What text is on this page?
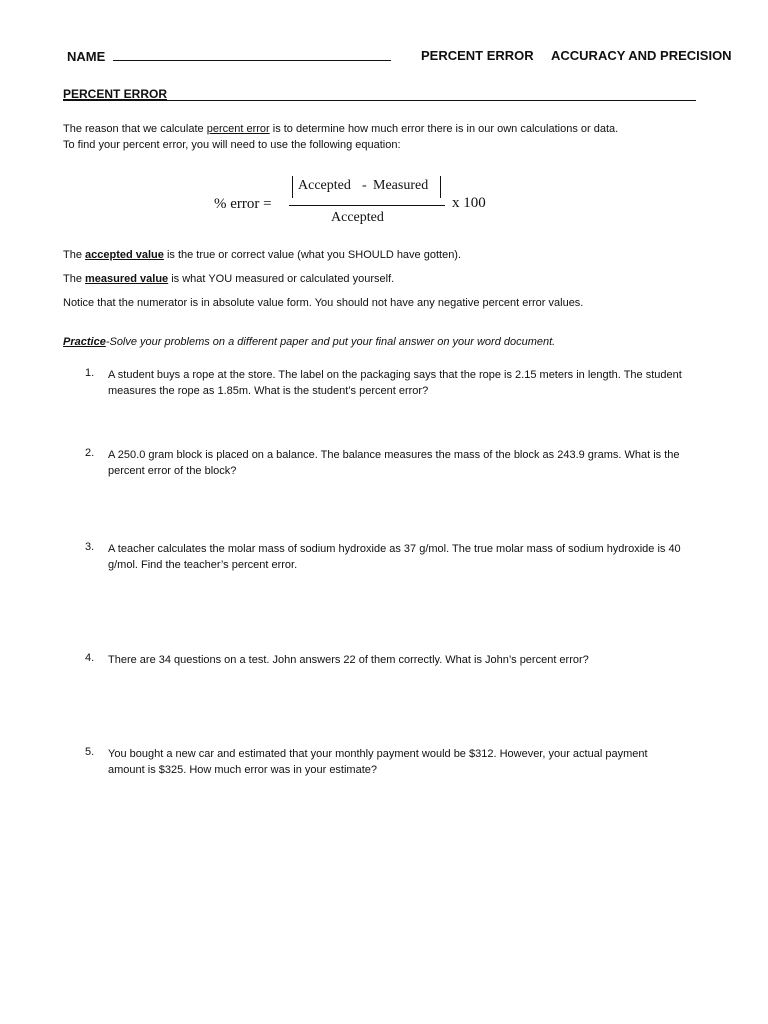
NAME	PERCENT ERROR ACCURACY AND PRECISION
PERCENT ERROR
The reason that we calculate percent error is to determine how much error there is in our own calculations or data.
To find your percent error, you will need to use the following equation:
% error =
Accepted - Measured
Accepted
x 100
The accepted value is the true or correct value (what you SHOULD have gotten).
The measured value is what YOU measured or calculated yourself.
Notice that the numerator is in absolute value form. You should not have any negative percent error values.
Practice-Solve your problems on a different paper and put your final answer on your word document.
1.	A student buys a rope at the store. The label on the packaging says that the rope is 2.15 meters in length. The student
measures the rope as 1.85m. What is the student’s percent error?
2.	A 250.0 gram block is placed on a balance. The balance measures the mass of the block as 243.9 grams. What is the
percent error of the block?
3.	A teacher calculates the molar mass of sodium hydroxide as 37 g/mol. The true molar mass of sodium hydroxide is 40
g/mol. Find the teacher’s percent error.
4.	There are 34 questions on a test. John answers 22 of them correctly. What is John’s percent error?
5.	You bought a new car and estimated that your monthly payment would be $312. However, your actual payment
amount is $325. How much error was in your estimate?
